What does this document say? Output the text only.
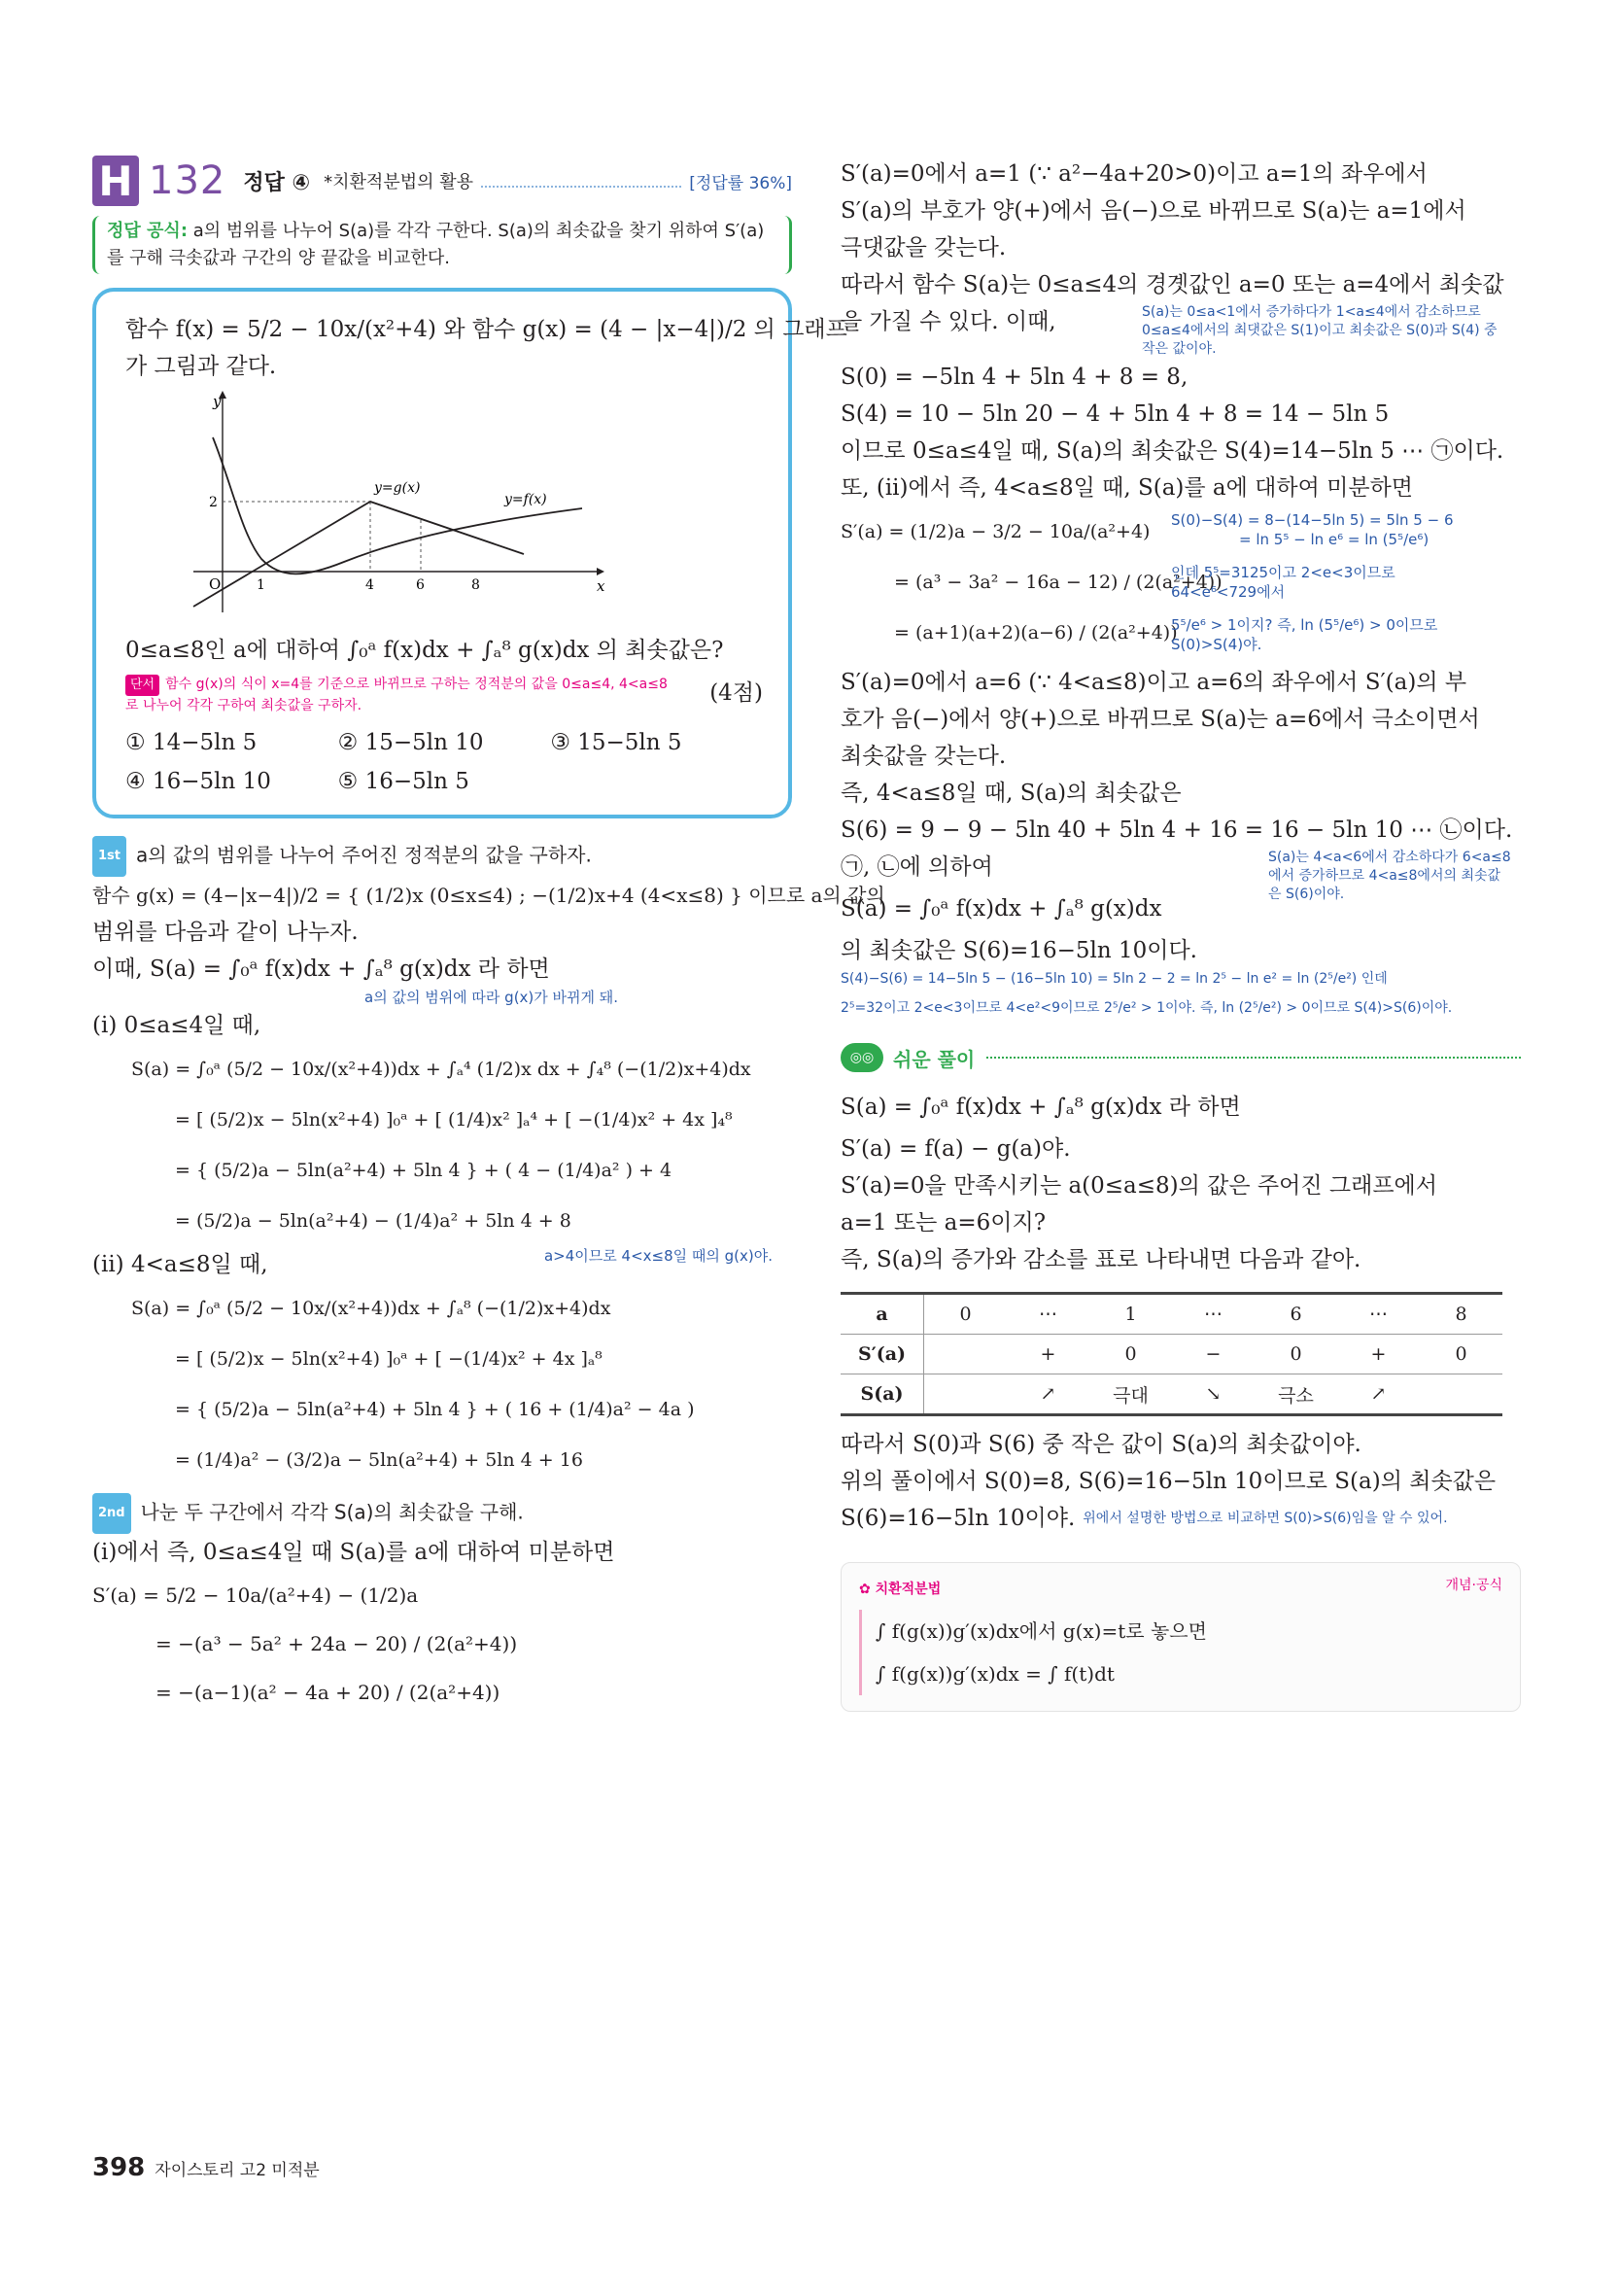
H 132 정답 ④ *치환적분법의 활용	[정답률 36%]
정답 공식: a의 범위를 나누어 S(a)를 각각 구한다. S(a)의 최솟값을 찾기 위하여 S′(a)를 구해 극솟값과 구간의 양 끝값을 비교한다.
함수 f(x) = 5/2 − 10x/(x²+4) 와 함수 g(x) = (4 − |x−4|)/2 의 그래프
가 그림과 같다.
y
x
O
2
1	4	6	8
y=g(x)
y=f(x)
0≤a≤8인 a에 대하여 ∫₀ᵃ f(x)dx + ∫ₐ⁸ g(x)dx 의 최솟값은?
단서 함수 g(x)의 식이 x=4를 기준으로 바뀌므로 구하는 정적분의 값을 0≤a≤4, 4<a≤8로 나누어 각각 구하여 최솟값을 구하자.	(4점)
① 14−5ln 5	② 15−5ln 10	③ 15−5ln 5
④ 16−5ln 10	⑤ 16−5ln 5
1st a의 값의 범위를 나누어 주어진 정적분의 값을 구하자.
함수 g(x) = (4−|x−4|)/2 = { (1/2)x (0≤x≤4) ; −(1/2)x+4 (4<x≤8) } 이므로 a의 값의
범위를 다음과 같이 나누자.
이때, S(a) = ∫₀ᵃ f(x)dx + ∫ₐ⁸ g(x)dx 라 하면
a의 값의 범위에 따라 g(x)가 바뀌게 돼.
(i) 0≤a≤4일 때,
S(a) = ∫₀ᵃ (5/2 − 10x/(x²+4))dx + ∫ₐ⁴ (1/2)x dx + ∫₄⁸ (−(1/2)x+4)dx
= [ (5/2)x − 5ln(x²+4) ]₀ᵃ + [ (1/4)x² ]ₐ⁴ + [ −(1/4)x² + 4x ]₄⁸
= { (5/2)a − 5ln(a²+4) + 5ln 4 } + ( 4 − (1/4)a² ) + 4
= (5/2)a − 5ln(a²+4) − (1/4)a² + 5ln 4 + 8
(ii) 4<a≤8일 때,	a>4이므로 4<x≤8일 때의 g(x)야.
S(a) = ∫₀ᵃ (5/2 − 10x/(x²+4))dx + ∫ₐ⁸ (−(1/2)x+4)dx
= [ (5/2)x − 5ln(x²+4) ]₀ᵃ + [ −(1/4)x² + 4x ]ₐ⁸
= { (5/2)a − 5ln(a²+4) + 5ln 4 } + ( 16 + (1/4)a² − 4a )
= (1/4)a² − (3/2)a − 5ln(a²+4) + 5ln 4 + 16
2nd 나눈 두 구간에서 각각 S(a)의 최솟값을 구해.
(i)에서 즉, 0≤a≤4일 때 S(a)를 a에 대하여 미분하면
S′(a) = 5/2 − 10a/(a²+4) − (1/2)a
= −(a³ − 5a² + 24a − 20) / (2(a²+4))
= −(a−1)(a² − 4a + 20) / (2(a²+4))
S′(a)=0에서 a=1 (∵ a²−4a+20>0)이고 a=1의 좌우에서
S′(a)의 부호가 양(+)에서 음(−)으로 바뀌므로 S(a)는 a=1에서
극댓값을 갖는다.
따라서 함수 S(a)는 0≤a≤4의 경곗값인 a=0 또는 a=4에서 최솟값
을 가질 수 있다. 이때,	S(a)는 0≤a<1에서 증가하다가 1<a≤4에서 감소하므로 0≤a≤4에서의 최댓값은 S(1)이고 최솟값은 S(0)과 S(4) 중 작은 값이야.
S(0) = −5ln 4 + 5ln 4 + 8 = 8,
S(4) = 10 − 5ln 20 − 4 + 5ln 4 + 8 = 14 − 5ln 5
이므로 0≤a≤4일 때, S(a)의 최솟값은 S(4)=14−5ln 5 ⋯ ㉠이다.
또, (ii)에서 즉, 4<a≤8일 때, S(a)를 a에 대하여 미분하면
S′(a) = (1/2)a − 3/2 − 10a/(a²+4)
= (a³ − 3a² − 16a − 12) / (2(a²+4))
= (a+1)(a+2)(a−6) / (2(a²+4))
S(0)−S(4) = 8−(14−5ln 5) = 5ln 5 − 6
= ln 5⁵ − ln e⁶ = ln (5⁵/e⁶)
인데 5⁵=3125이고 2<e<3이므로
64<e⁶<729에서
5⁵/e⁶ > 1이지? 즉, ln (5⁵/e⁶) > 0이므로 S(0)>S(4)야.
S′(a)=0에서 a=6 (∵ 4<a≤8)이고 a=6의 좌우에서 S′(a)의 부
호가 음(−)에서 양(+)으로 바뀌므로 S(a)는 a=6에서 극소이면서
최솟값을 갖는다.
즉, 4<a≤8일 때, S(a)의 최솟값은
S(6) = 9 − 9 − 5ln 40 + 5ln 4 + 16 = 16 − 5ln 10 ⋯ ㉡이다.
㉠, ㉡에 의하여
S(a) = ∫₀ᵃ f(x)dx + ∫ₐ⁸ g(x)dx
S(a)는 4<a<6에서 감소하다가 6<a≤8에서 증가하므로 4<a≤8에서의 최솟값은 S(6)이야.
의 최솟값은 S(6)=16−5ln 10이다.
S(4)−S(6) = 14−5ln 5 − (16−5ln 10) = 5ln 2 − 2 = ln 2⁵ − ln e² = ln (2⁵/e²) 인데
2⁵=32이고 2<e<3이므로 4<e²<9이므로 2⁵/e² > 1이야. 즉, ln (2⁵/e²) > 0이므로 S(4)>S(6)이야.
◎◎ 쉬운 풀이
S(a) = ∫₀ᵃ f(x)dx + ∫ₐ⁸ g(x)dx 라 하면
S′(a) = f(a) − g(a)야.
S′(a)=0을 만족시키는 a(0≤a≤8)의 값은 주어진 그래프에서
a=1 또는 a=6이지?
즉, S(a)의 증가와 감소를 표로 나타내면 다음과 같아.
a	0	⋯	1	⋯	6	⋯	8
S′(a)		+	0	−	0	+	0
S(a)		↗	극대	↘	극소	↗	
따라서 S(0)과 S(6) 중 작은 값이 S(a)의 최솟값이야.
위의 풀이에서 S(0)=8, S(6)=16−5ln 10이므로 S(a)의 최솟값은
S(6)=16−5ln 10이야. 위에서 설명한 방법으로 비교하면 S(0)>S(6)임을 알 수 있어.
✿ 치환적분법	개념·공식
∫ f(g(x))g′(x)dx에서 g(x)=t로 놓으면
∫ f(g(x))g′(x)dx = ∫ f(t)dt
398 자이스토리 고2 미적분
